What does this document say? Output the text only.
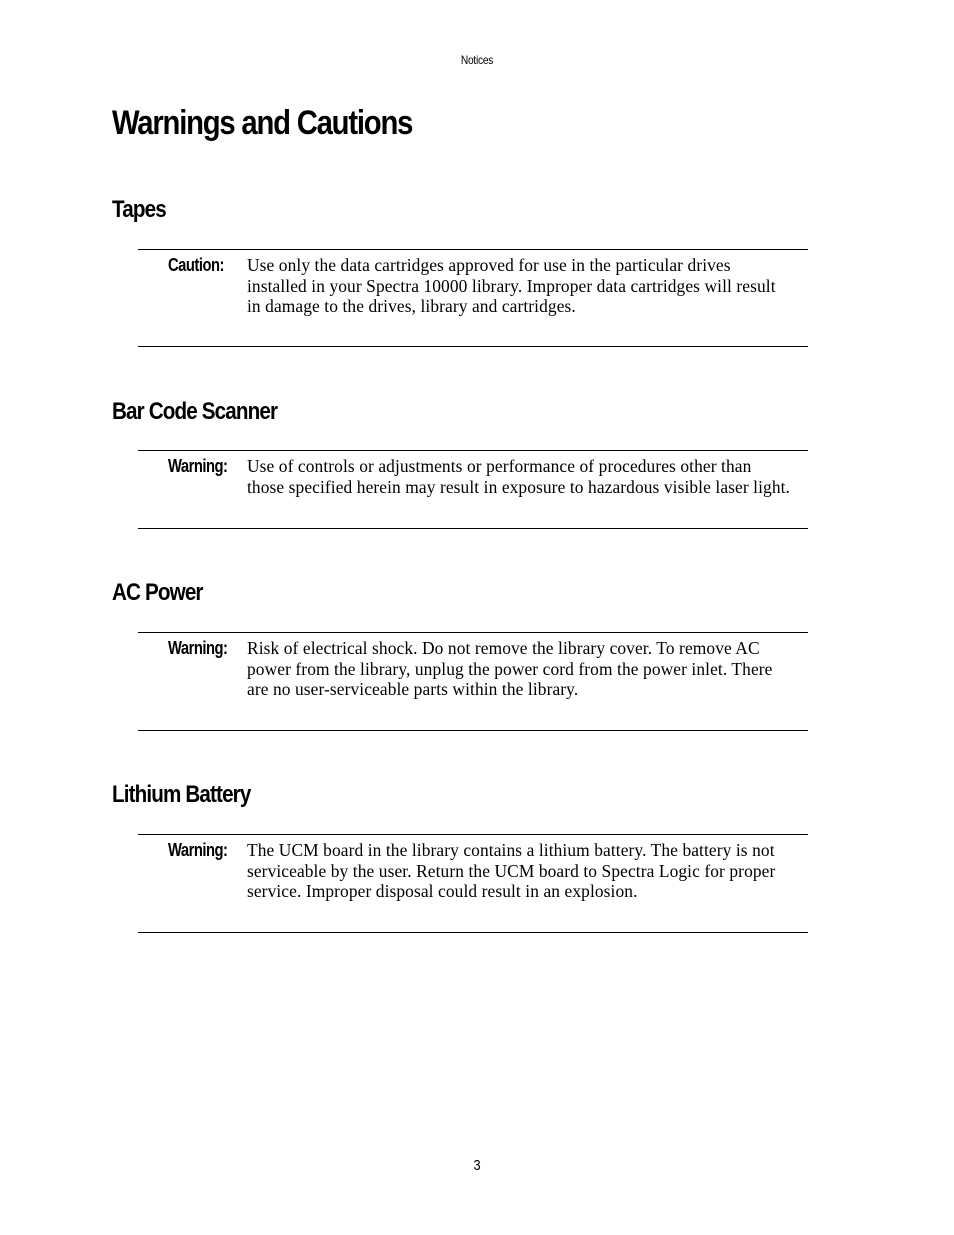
Notices
Warnings and Cautions
Tapes
Caution: Use only the data cartridges approved for use in the particular drives installed in your Spectra 10000 library. Improper data cartridges will result in damage to the drives, library and cartridges.

Bar Code Scanner
Warning: Use of controls or adjustments or performance of procedures other than those specified herein may result in exposure to hazardous visible laser light.

AC Power
Warning: Risk of electrical shock. Do not remove the library cover. To remove AC power from the library, unplug the power cord from the power inlet. There are no user-serviceable parts within the library.

Lithium Battery
Warning: The UCM board in the library contains a lithium battery. The battery is not serviceable by the user. Return the UCM board to Spectra Logic for proper service. Improper disposal could result in an explosion.

3
